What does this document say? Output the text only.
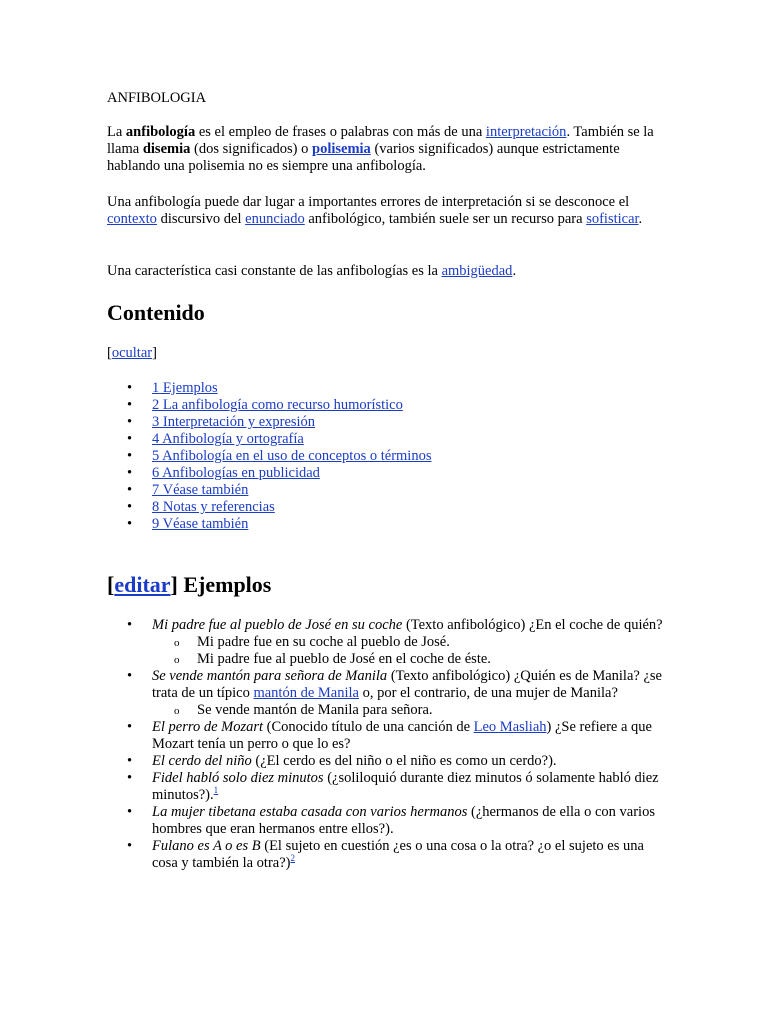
ANFIBOLOGIA

La anfibología es el empleo de frases o palabras con más de una interpretación. También se la llama disemia (dos significados) o polisemia (varios significados) aunque estrictamente hablando una polisemia no es siempre una anfibología.

Una anfibología puede dar lugar a importantes errores de interpretación si se desconoce el contexto discursivo del enunciado anfibológico, también suele ser un recurso para sofisticar.

Una característica casi constante de las anfibologías es la ambigüedad.

Contenido

[ocultar]

• 1 Ejemplos
• 2 La anfibología como recurso humorístico
• 3 Interpretación y expresión
• 4 Anfibología y ortografía
• 5 Anfibología en el uso de conceptos o términos
• 6 Anfibologías en publicidad
• 7 Véase también
• 8 Notas y referencias
• 9 Véase también
[editar] Ejemplos
• Mi padre fue al pueblo de José en su coche (Texto anfibológico) ¿En el coche de quién?
o Mi padre fue en su coche al pueblo de José.
o Mi padre fue al pueblo de José en el coche de éste.
• Se vende mantón para señora de Manila (Texto anfibológico) ¿Quién es de Manila? ¿se trata de un típico mantón de Manila o, por el contrario, de una mujer de Manila?
o Se vende mantón de Manila para señora.
• El perro de Mozart (Conocido título de una canción de Leo Masliah) ¿Se refiere a que Mozart tenía un perro o que lo es?
• El cerdo del niño (¿El cerdo es del niño o el niño es como un cerdo?).
• Fidel habló solo diez minutos (¿soliloquió durante diez minutos ó solamente habló diez minutos?).$^1$
• La mujer tibetana estaba casada con varios hermanos (¿hermanos de ella o con varios hombres que eran hermanos entre ellos?).
• Fulano es A o es B (El sujeto en cuestión ¿es o una cosa o la otra? ¿o el sujeto es una cosa y también la otra?)$^2$
